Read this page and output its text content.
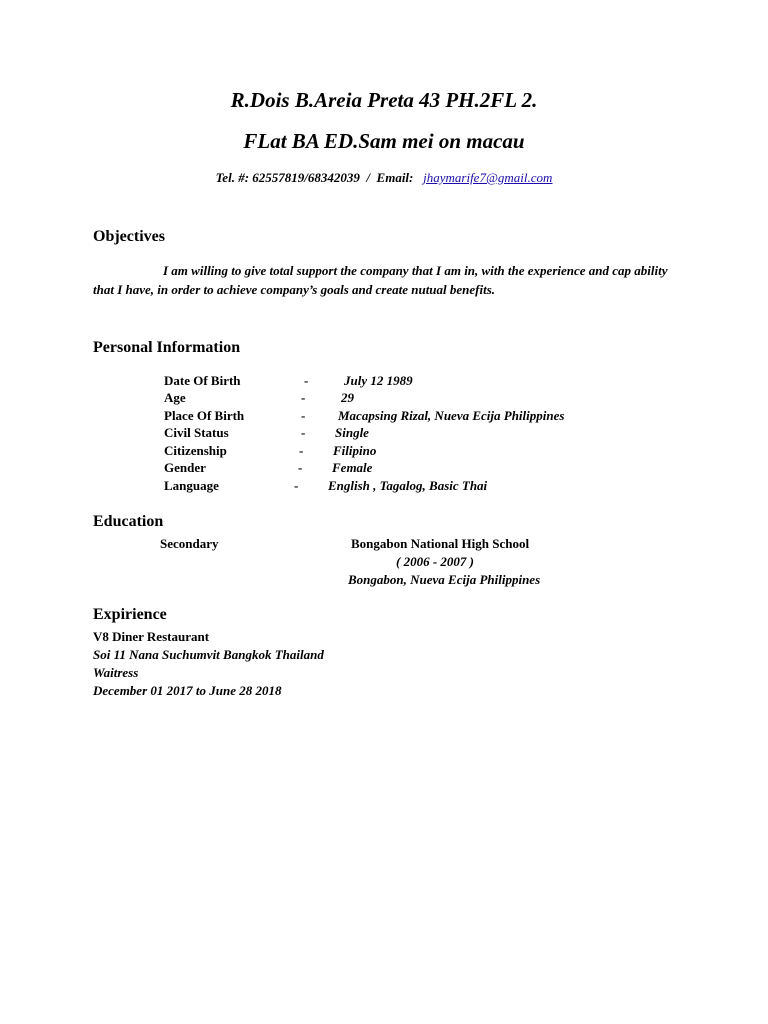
R.Dois B.Areia Preta 43 PH.2FL 2.
FLat BA ED.Sam mei on macau
Tel. #: 62557819/68342039 / Email: jhaymarife7@gmail.com
Objectives
I am willing to give total support the company that I am in, with the experience and cap ability that I have, in order to achieve company’s goals and create nutual benefits.
Personal Information
Date Of Birth	-	July 12 1989
Age	-	29
Place Of Birth	-	Macapsing Rizal, Nueva Ecija Philippines
Civil Status	- Single
Citizenship	- Filipino
Gender	- Female
Language	- English , Tagalog, Basic Thai
Education
Secondary	Bongabon National High School
( 2006 - 2007 )
Bongabon, Nueva Ecija Philippines
Expirience
V8 Diner Restaurant
Soi 11 Nana Suchumvit Bangkok Thailand
Waitress
December 01 2017 to June 28 2018
